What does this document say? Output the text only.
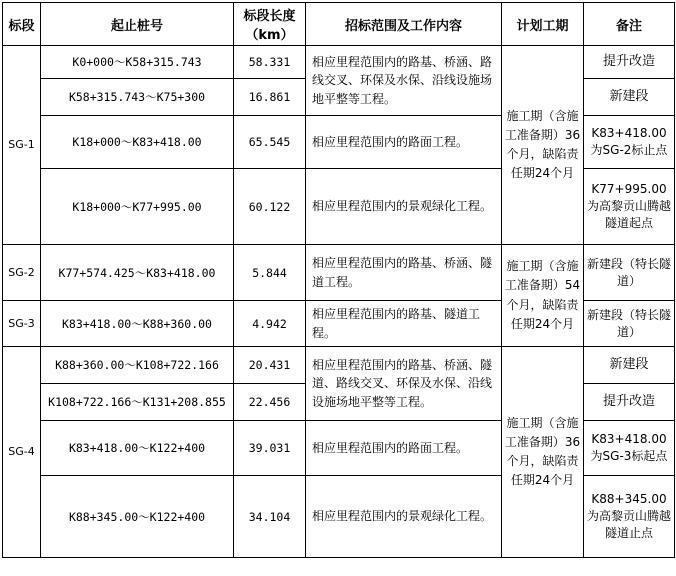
标段	起止桩号	标段长度（km）	招标范围及工作内容	计划工期	备注
SG-1	K0+000～K58+315.743	58.331	相应里程范围内的路基、桥涵、路线交叉、环保及水保、沿线设施场地平整等工程。	施工期（含施工准备期）36个月，缺陷责任期24个月	提升改造
	K58+315.743～K75+300	16.861			新建段
	K18+000～K83+418.00	65.545	相应里程范围内的路面工程。		K83+418.00为SG-2标止点
	K18+000～K77+995.00	60.122	相应里程范围内的景观绿化工程。		K77+995.00为高黎贡山腾越隧道起点
SG-2	K77+574.425～K83+418.00	5.844	相应里程范围内的路基、桥涵、隧道工程。	施工期（含施工准备期）54个月，缺陷责任期24个月	新建段（特长隧道）
SG-3	K83+418.00～K88+360.00	4.942	相应里程范围内的路基、隧道工程。		新建段（特长隧道）
SG-4	K88+360.00～K108+722.166	20.431	相应里程范围内的路基、桥涵、隧道、路线交叉、环保及水保、沿线设施场地平整等工程。	施工期（含施工准备期）36个月，缺陷责任期24个月	新建段
	K108+722.166～K131+208.855	22.456			提升改造
	K83+418.00～K122+400	39.031	相应里程范围内的路面工程。		K83+418.00为SG-3标起点
	K88+345.00～K122+400	34.104	相应里程范围内的景观绿化工程。		K88+345.00为高黎贡山腾越隧道止点
